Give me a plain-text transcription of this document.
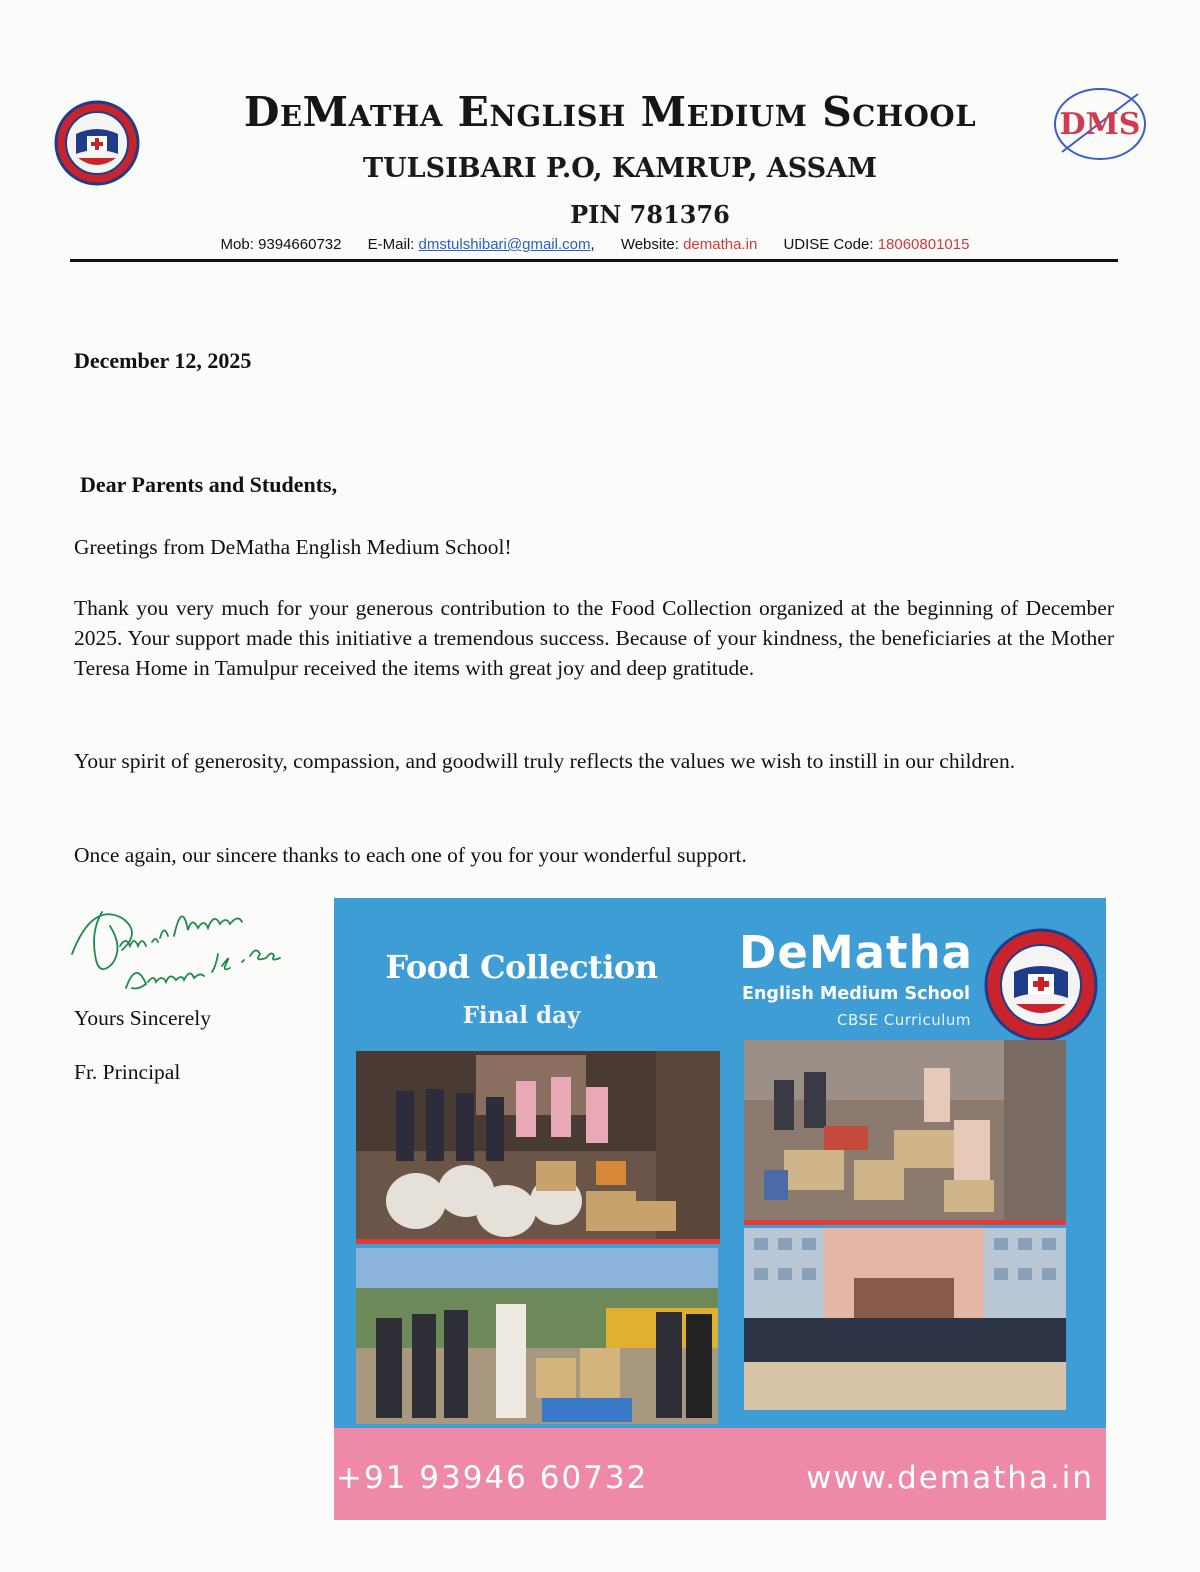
DMS
DeMatha English Medium School
TULSIBARI P.O, KAMRUP, ASSAM
PIN 781376
Mob: 9394660732 E-Mail: dmstulshibari@gmail.com, Website: dematha.in UDISE Code: 18060801015
December 12, 2025
Dear Parents and Students,
Greetings from DeMatha English Medium School!
Thank you very much for your generous contribution to the Food Collection organized at the beginning of December 2025. Your support made this initiative a tremendous success. Because of your kindness, the beneficiaries at the Mother Teresa Home in Tamulpur received the items with great joy and deep gratitude.
Your spirit of generosity, compassion, and goodwill truly reflects the values we wish to instill in our children.
Once again, our sincere thanks to each one of you for your wonderful support.
Yours Sincerely
Fr. Principal
Food Collection
Final day
DeMatha
English Medium School
CBSE Curriculum
+91 93946 60732	www.dematha.in
